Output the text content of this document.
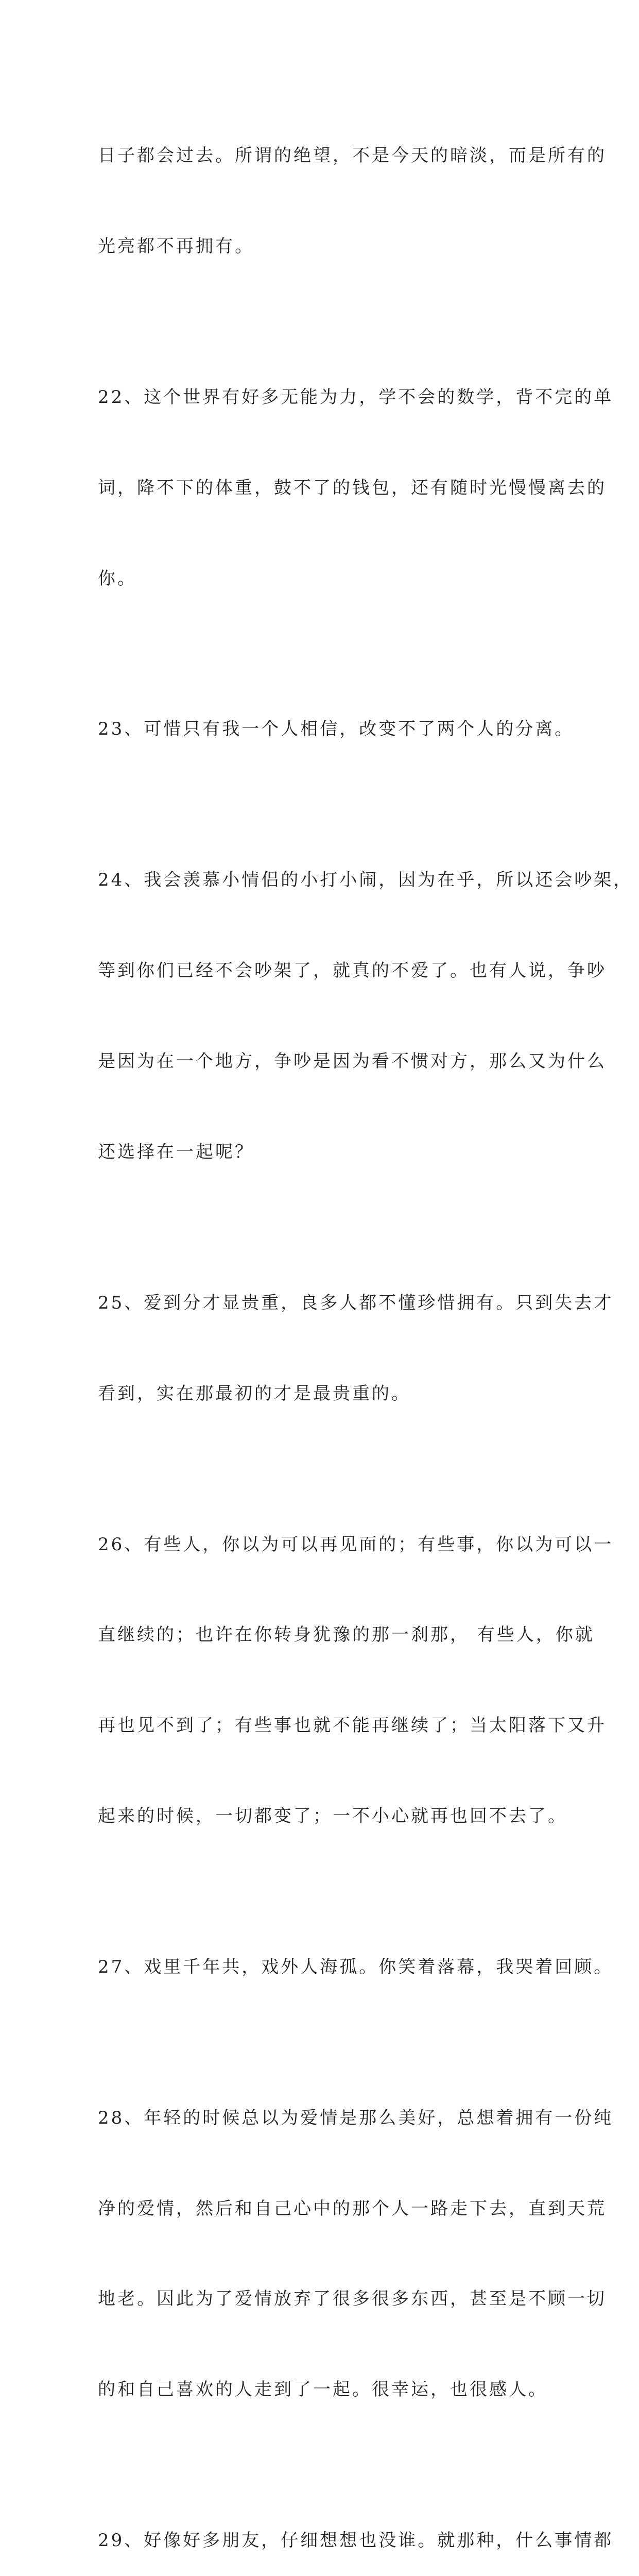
日子都会过去。所谓的绝望，不是今天的暗淡，而是所有的

光亮都不再拥有。

22、这个世界有好多无能为力，学不会的数学，背不完的单

词，降不下的体重，鼓不了的钱包，还有随时光慢慢离去的

你。

23、可惜只有我一个人相信，改变不了两个人的分离。

24、我会羡慕小情侣的小打小闹，因为在乎，所以还会吵架，

等到你们已经不会吵架了，就真的不爱了。也有人说，争吵

是因为在一个地方，争吵是因为看不惯对方，那么又为什么

还选择在一起呢？

25、爱到分才显贵重，良多人都不懂珍惜拥有。只到失去才

看到，实在那最初的才是最贵重的。

26、有些人，你以为可以再见面的；有些事，你以为可以一

直继续的；也许在你转身犹豫的那一刹那， 有些人，你就

再也见不到了；有些事也就不能再继续了；当太阳落下又升

起来的时候，一切都变了；一不小心就再也回不去了。

27、戏里千年共，戏外人海孤。你笑着落幕，我哭着回顾。

28、年轻的时候总以为爱情是那么美好，总想着拥有一份纯

净的爱情，然后和自己心中的那个人一路走下去，直到天荒

地老。因此为了爱情放弃了很多很多东西，甚至是不顾一切

的和自己喜欢的人走到了一起。很幸运，也很感人。

29、好像好多朋友，仔细想想也没谁。就那种，什么事情都
